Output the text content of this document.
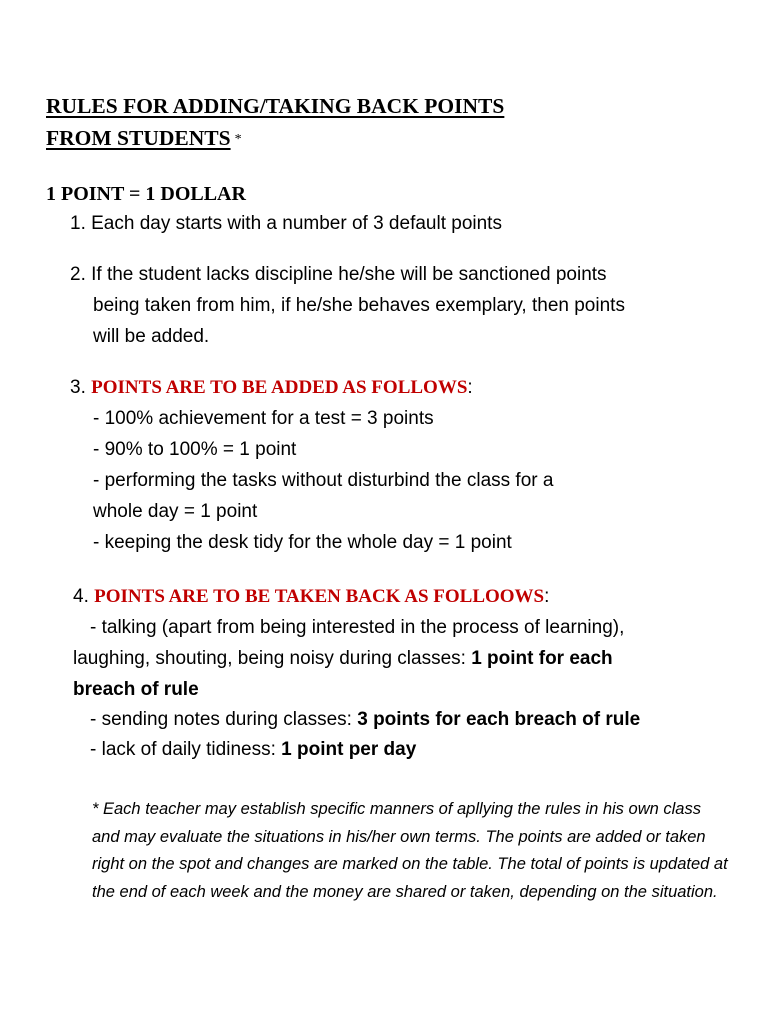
RULES FOR ADDING/TAKING BACK POINTS
FROM STUDENTS *
1 POINT = 1 DOLLAR
1. Each day starts with a number of 3 default points
2. If the student lacks discipline he/she will be sanctioned points
being taken from him, if he/she behaves exemplary, then points
will be added.
3. POINTS ARE TO BE ADDED AS FOLLOWS:
- 100% achievement for a test = 3 points
- 90% to 100% = 1 point
- performing the tasks without disturbind the class for a
whole day = 1 point
- keeping the desk tidy for the whole day = 1 point
4. POINTS ARE TO BE TAKEN BACK AS FOLLOOWS:
- talking (apart from being interested in the process of learning),
laughing, shouting, being noisy during classes: 1 point for each
breach of rule
- sending notes during classes: 3 points for each breach of rule
- lack of daily tidiness: 1 point per day
* Each teacher may establish specific manners of apllying the rules in his own class and may evaluate the situations in his/her own terms. The points are added or taken right on the spot and changes are marked on the table. The total of points is updated at the end of each week and the money are shared or taken, depending on the situation.
